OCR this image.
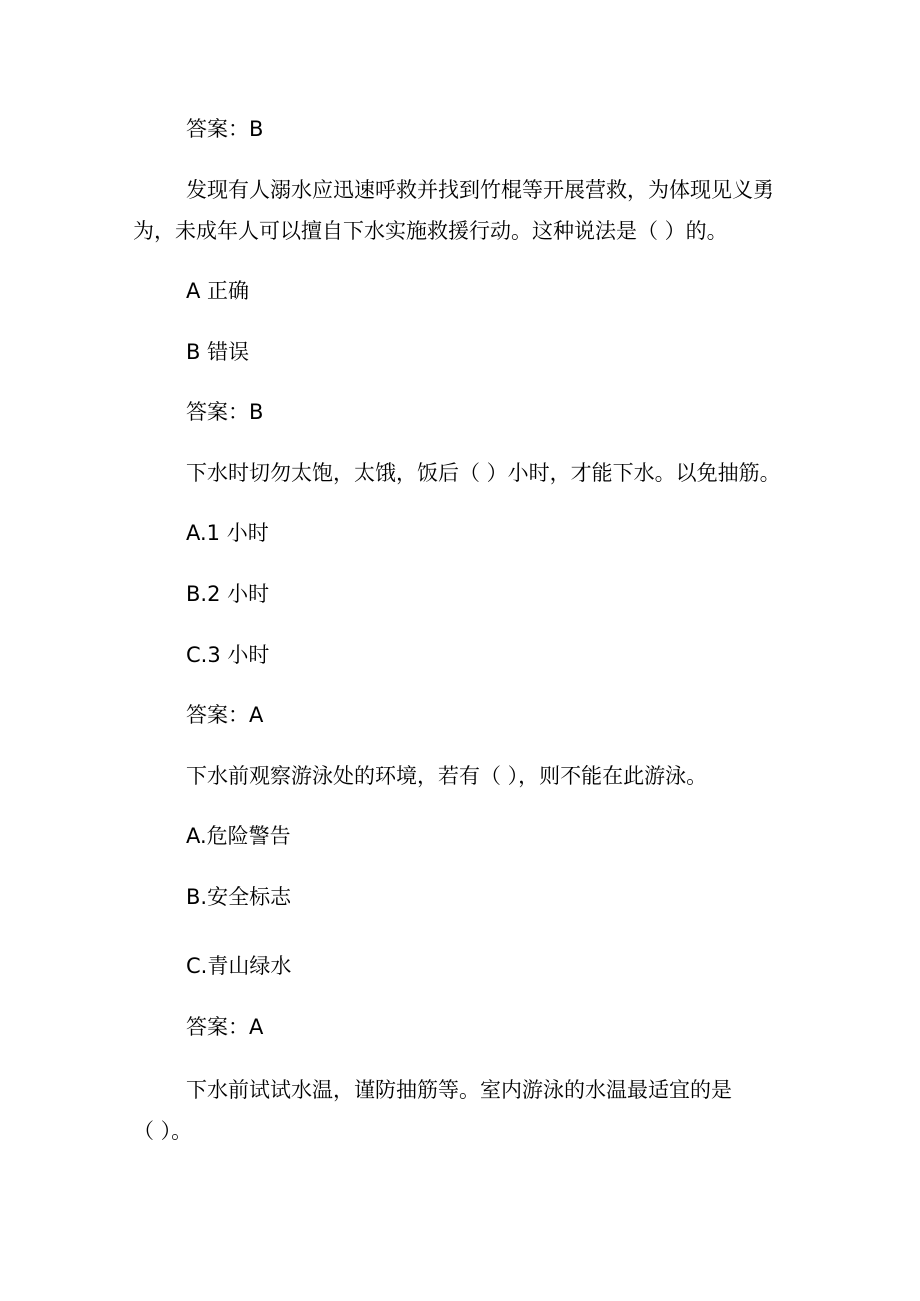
答案：B
发现有人溺水应迅速呼救并找到竹棍等开展营救，为体现见义勇
为，未成年人可以擅自下水实施救援行动。这种说法是（ ）的。
A 正确
B 错误
答案：B
下水时切勿太饱，太饿，饭后（ ）小时，才能下水。以免抽筋。
A.1 小时
B.2 小时
C.3 小时
答案：A
下水前观察游泳处的环境，若有（ ），则不能在此游泳。
A.危险警告
B.安全标志
C.青山绿水
答案：A
下水前试试水温，谨防抽筋等。室内游泳的水温最适宜的是
（ ）。
